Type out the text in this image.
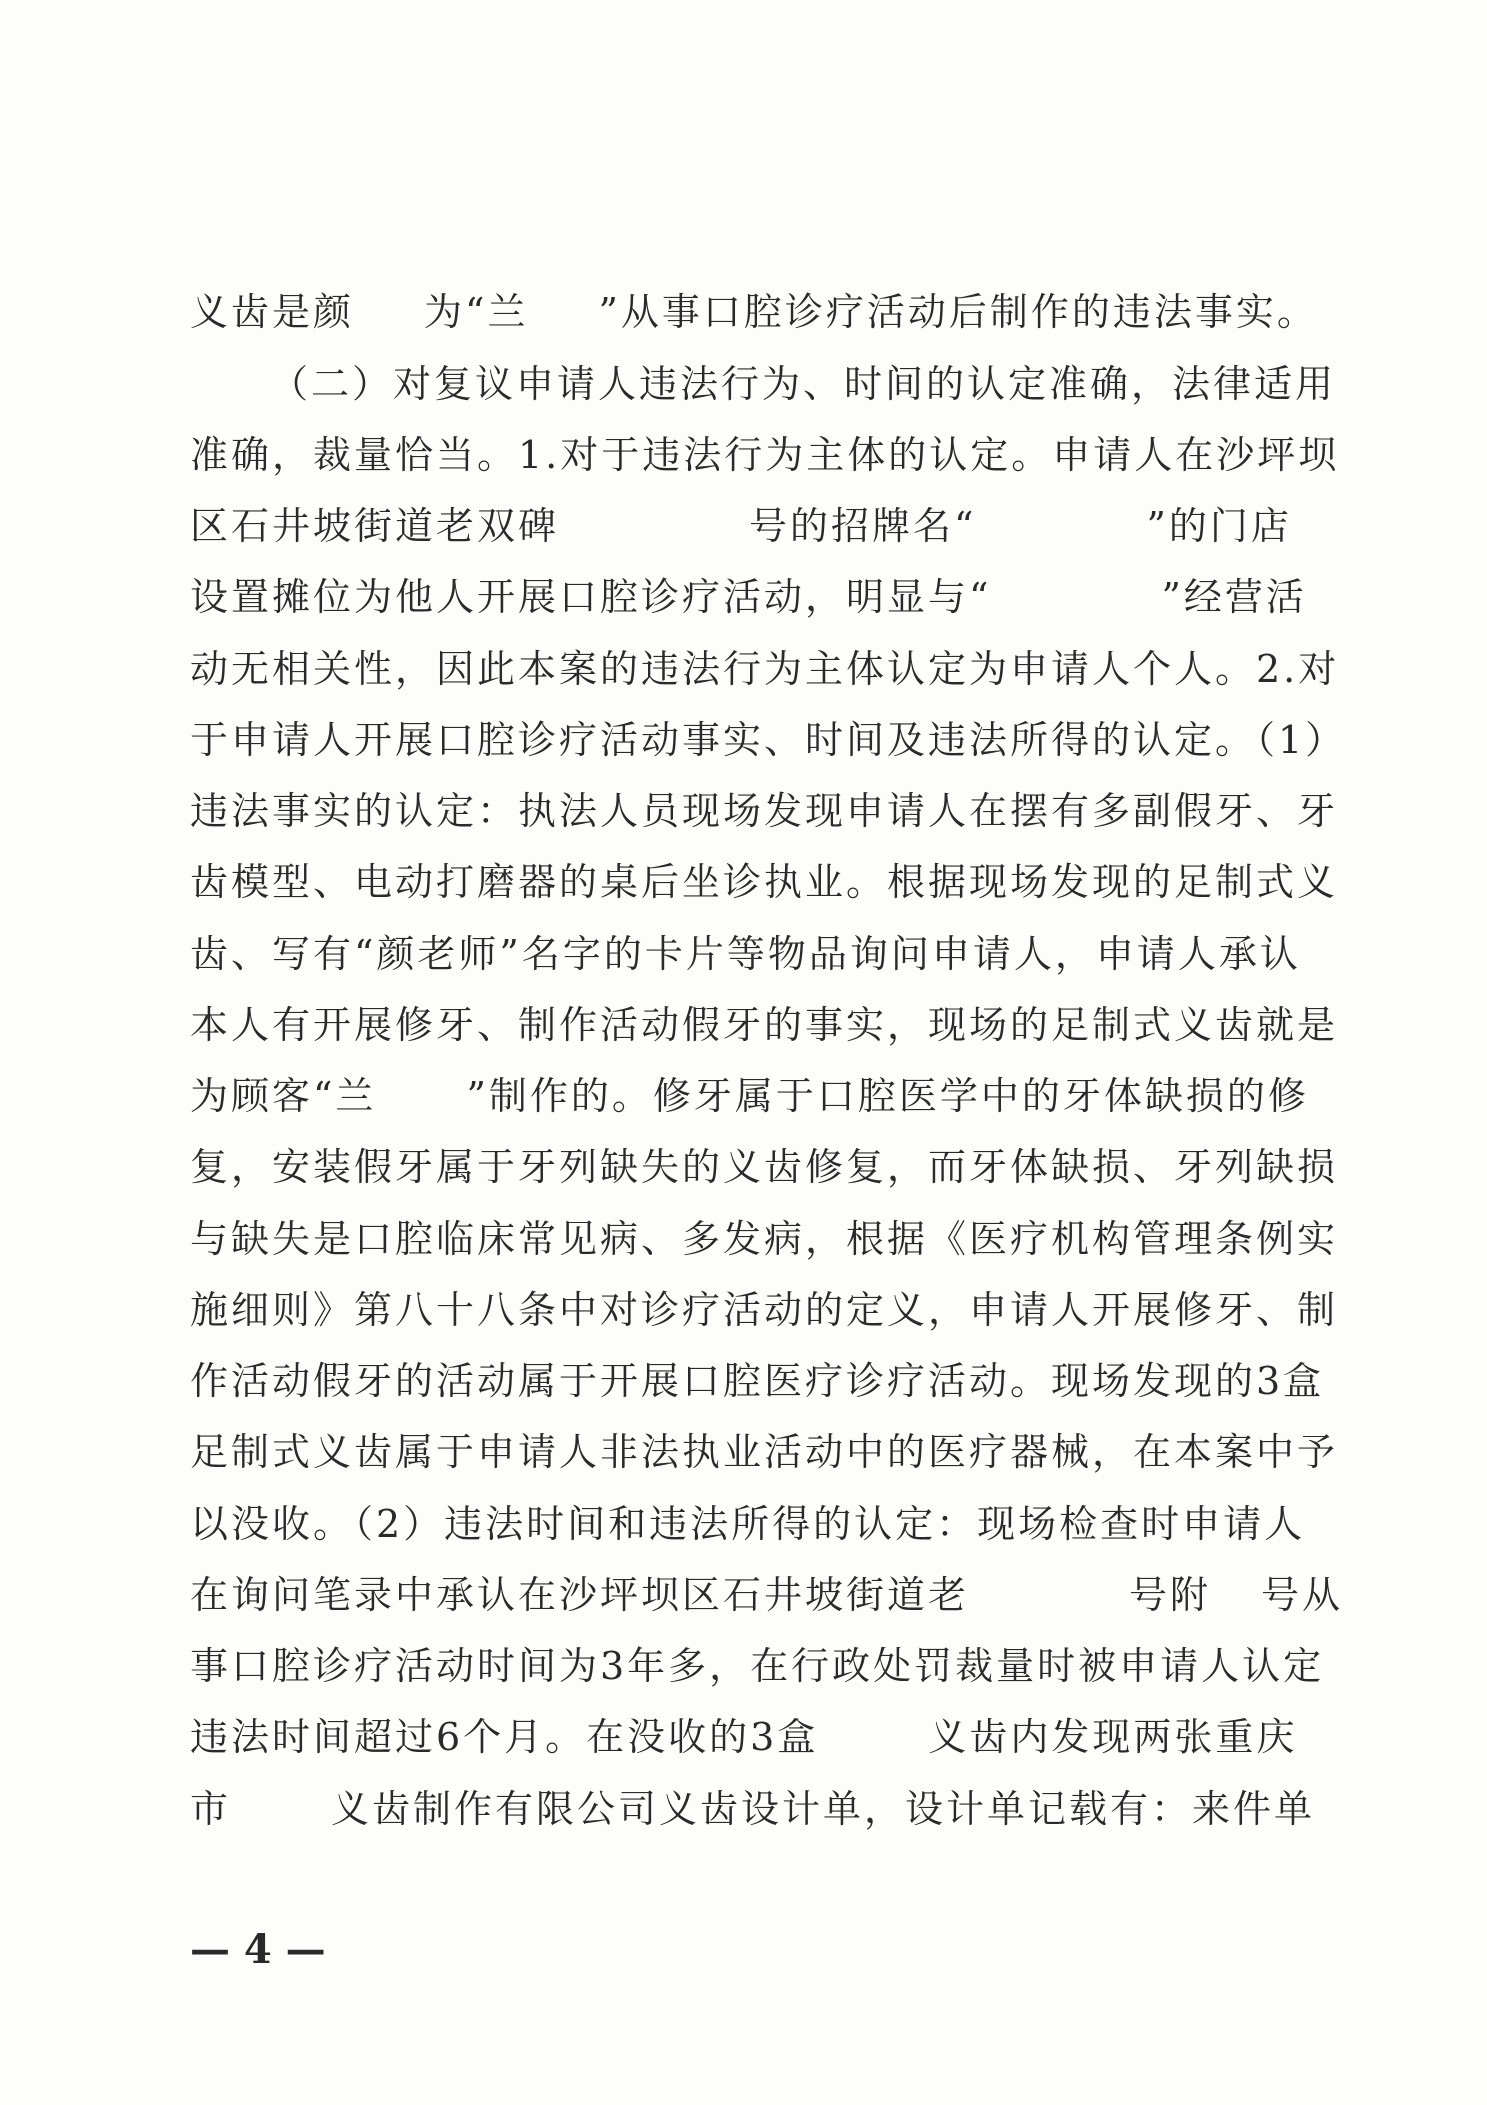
义齿是颜 为“兰 ”从事口腔诊疗活动后制作的违法事实。
（二）对复议申请人违法行为、时间的认定准确，法律适用
准确，裁量恰当。1.对于违法行为主体的认定。申请人在沙坪坝
区石井坡街道老双碑	号的招牌名“	”的门店
设置摊位为他人开展口腔诊疗活动，明显与“	”经营活
动无相关性，因此本案的违法行为主体认定为申请人个人。2.对
于申请人开展口腔诊疗活动事实、时间及违法所得的认定。（1）
违法事实的认定：执法人员现场发现申请人在摆有多副假牙、牙
齿模型、电动打磨器的桌后坐诊执业。根据现场发现的足制式义
齿、写有“颜老师”名字的卡片等物品询问申请人，申请人承认
本人有开展修牙、制作活动假牙的事实，现场的足制式义齿就是
为顾客“兰 ”制作的。修牙属于口腔医学中的牙体缺损的修
复，安装假牙属于牙列缺失的义齿修复，而牙体缺损、牙列缺损
与缺失是口腔临床常见病、多发病，根据《医疗机构管理条例实
施细则》第八十八条中对诊疗活动的定义，申请人开展修牙、制
作活动假牙的活动属于开展口腔医疗诊疗活动。现场发现的3盒
足制式义齿属于申请人非法执业活动中的医疗器械，在本案中予
以没收。（2）违法时间和违法所得的认定：现场检查时申请人
在询问笔录中承认在沙坪坝区石井坡街道老	号附 号从
事口腔诊疗活动时间为3年多，在行政处罚裁量时被申请人认定
违法时间超过6个月。在没收的3盒	义齿内发现两张重庆
市	义齿制作有限公司义齿设计单，设计单记载有：来件单
— 4 —
